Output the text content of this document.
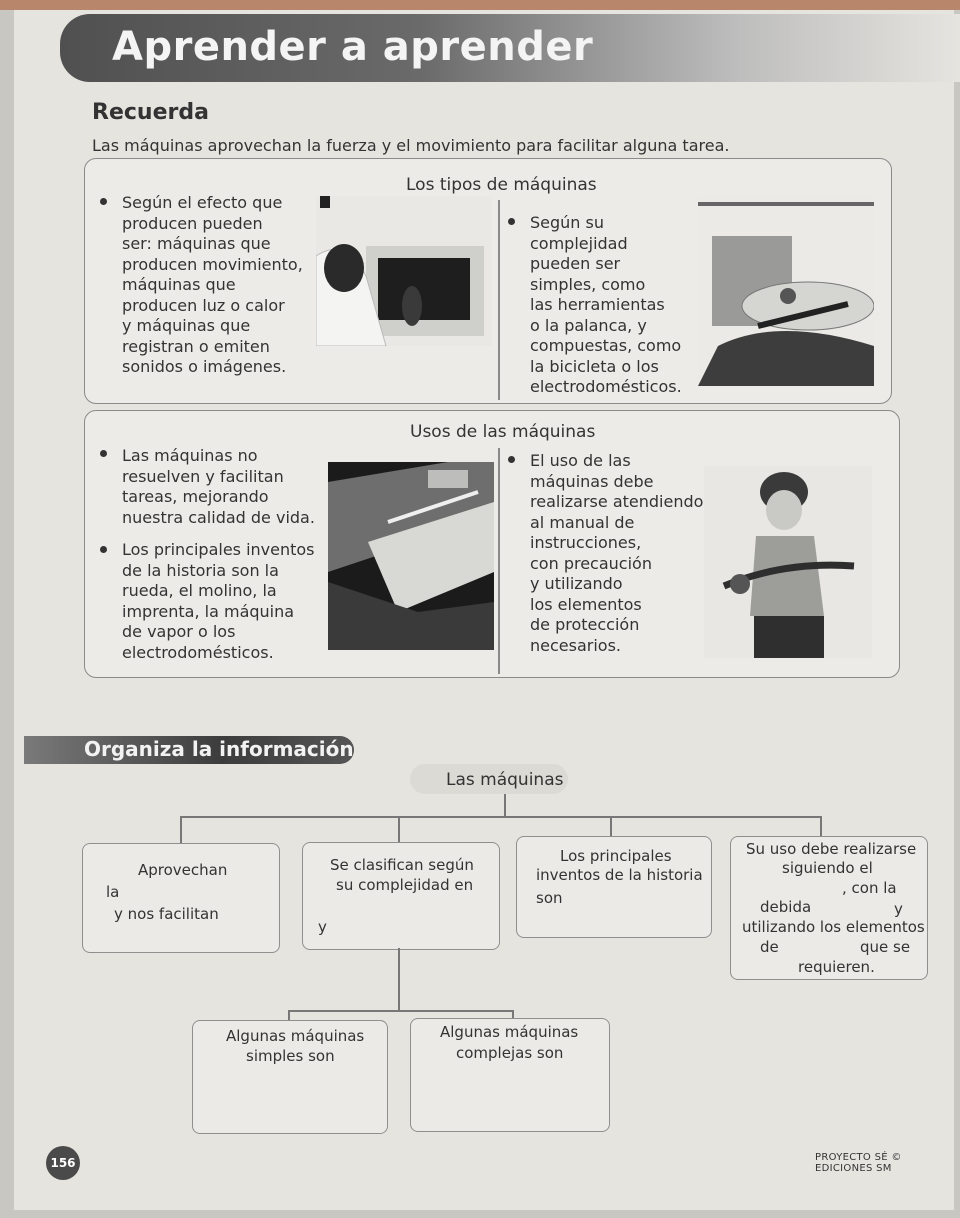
Aprender a aprender
Recuerda
Las máquinas aprovechan la fuerza y el movimiento para facilitar alguna tarea.
Los tipos de máquinas
Según el efecto que
producen pueden
ser: máquinas que
producen movimiento,
máquinas que
producen luz o calor
y máquinas que
registran o emiten
sonidos o imágenes.
Según su
complejidad
pueden ser
simples, como
las herramientas
o la palanca, y
compuestas, como
la bicicleta o los
electrodomésticos.
Usos de las máquinas
Las máquinas no
resuelven y facilitan
tareas, mejorando
nuestra calidad de vida.
Los principales inventos
de la historia son la
rueda, el molino, la
imprenta, la máquina
de vapor o los
electrodomésticos.
El uso de las
máquinas debe
realizarse atendiendo
al manual de
instrucciones,
con precaución
y utilizando
los elementos
de protección
necesarios.
Organiza la información
Las máquinas
Aprovechan
la
y nos facilitan
Se clasifican según
su complejidad en
y
Los principales
inventos de la historia
son
Su uso debe realizarse
siguiendo el
, con la
debida	y
utilizando los elementos
de	que se
requieren.
Algunas máquinas
simples son
Algunas máquinas
complejas son
156	PROYECTO SÉ © EDICIONES SM
